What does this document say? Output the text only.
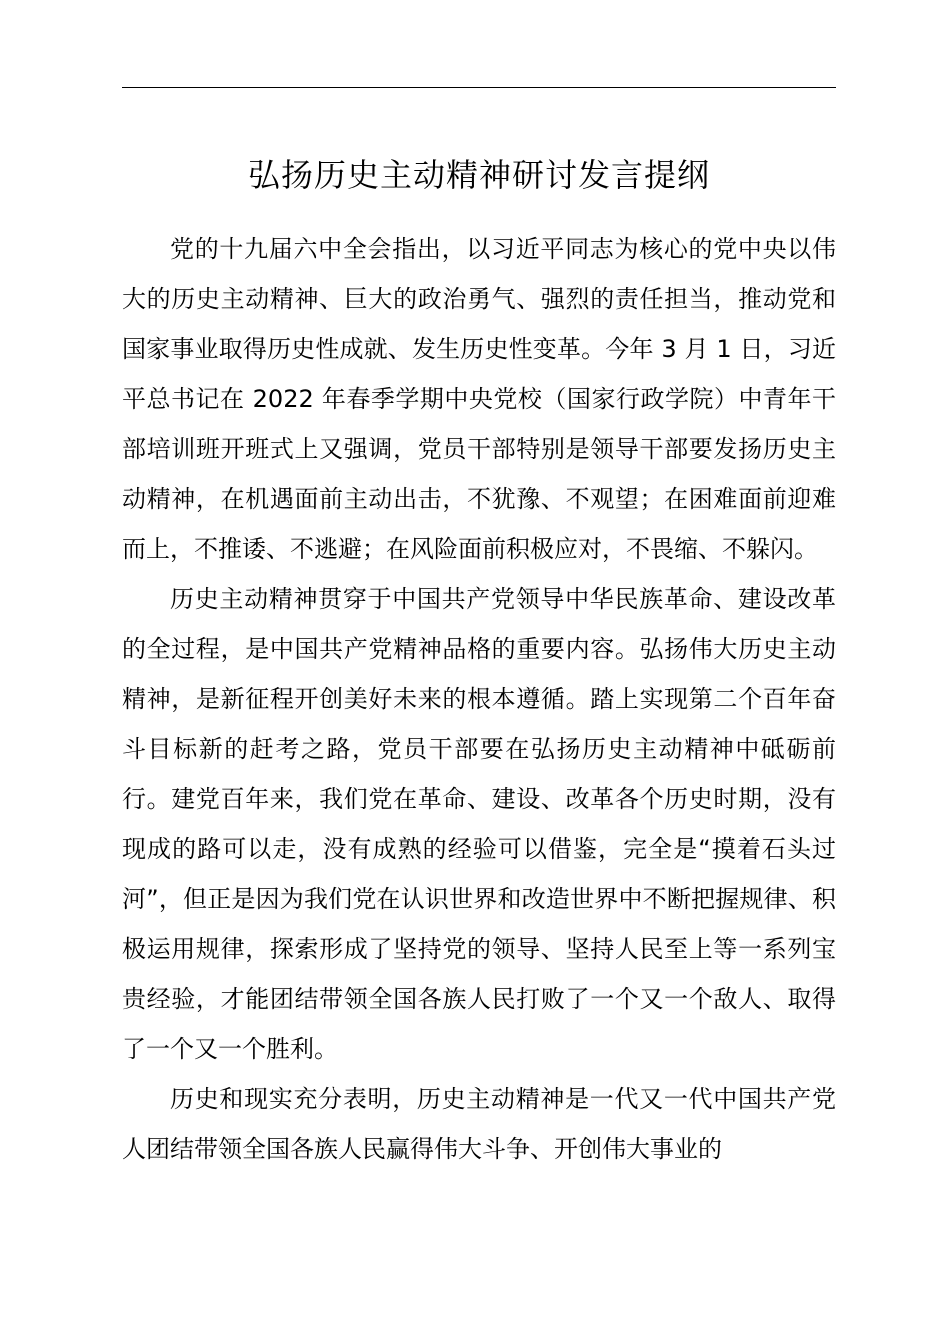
弘扬历史主动精神研讨发言提纲

党的十九届六中全会指出，以习近平同志为核心的党中央以伟大的历史主动精神、巨大的政治勇气、强烈的责任担当，推动党和国家事业取得历史性成就、发生历史性变革。今年 3 月 1 日，习近平总书记在 2022 年春季学期中央党校（国家行政学院）中青年干部培训班开班式上又强调，党员干部特别是领导干部要发扬历史主动精神，在机遇面前主动出击，不犹豫、不观望；在困难面前迎难而上，不推诿、不逃避；在风险面前积极应对，不畏缩、不躲闪。

历史主动精神贯穿于中国共产党领导中华民族革命、建设改革的全过程，是中国共产党精神品格的重要内容。弘扬伟大历史主动精神，是新征程开创美好未来的根本遵循。踏上实现第二个百年奋斗目标新的赶考之路，党员干部要在弘扬历史主动精神中砥砺前行。建党百年来，我们党在革命、建设、改革各个历史时期，没有现成的路可以走，没有成熟的经验可以借鉴，完全是“摸着石头过河”，但正是因为我们党在认识世界和改造世界中不断把握规律、积极运用规律，探索形成了坚持党的领导、坚持人民至上等一系列宝贵经验，才能团结带领全国各族人民打败了一个又一个敌人、取得了一个又一个胜利。

历史和现实充分表明，历史主动精神是一代又一代中国共产党人团结带领全国各族人民赢得伟大斗争、开创伟大事业的
